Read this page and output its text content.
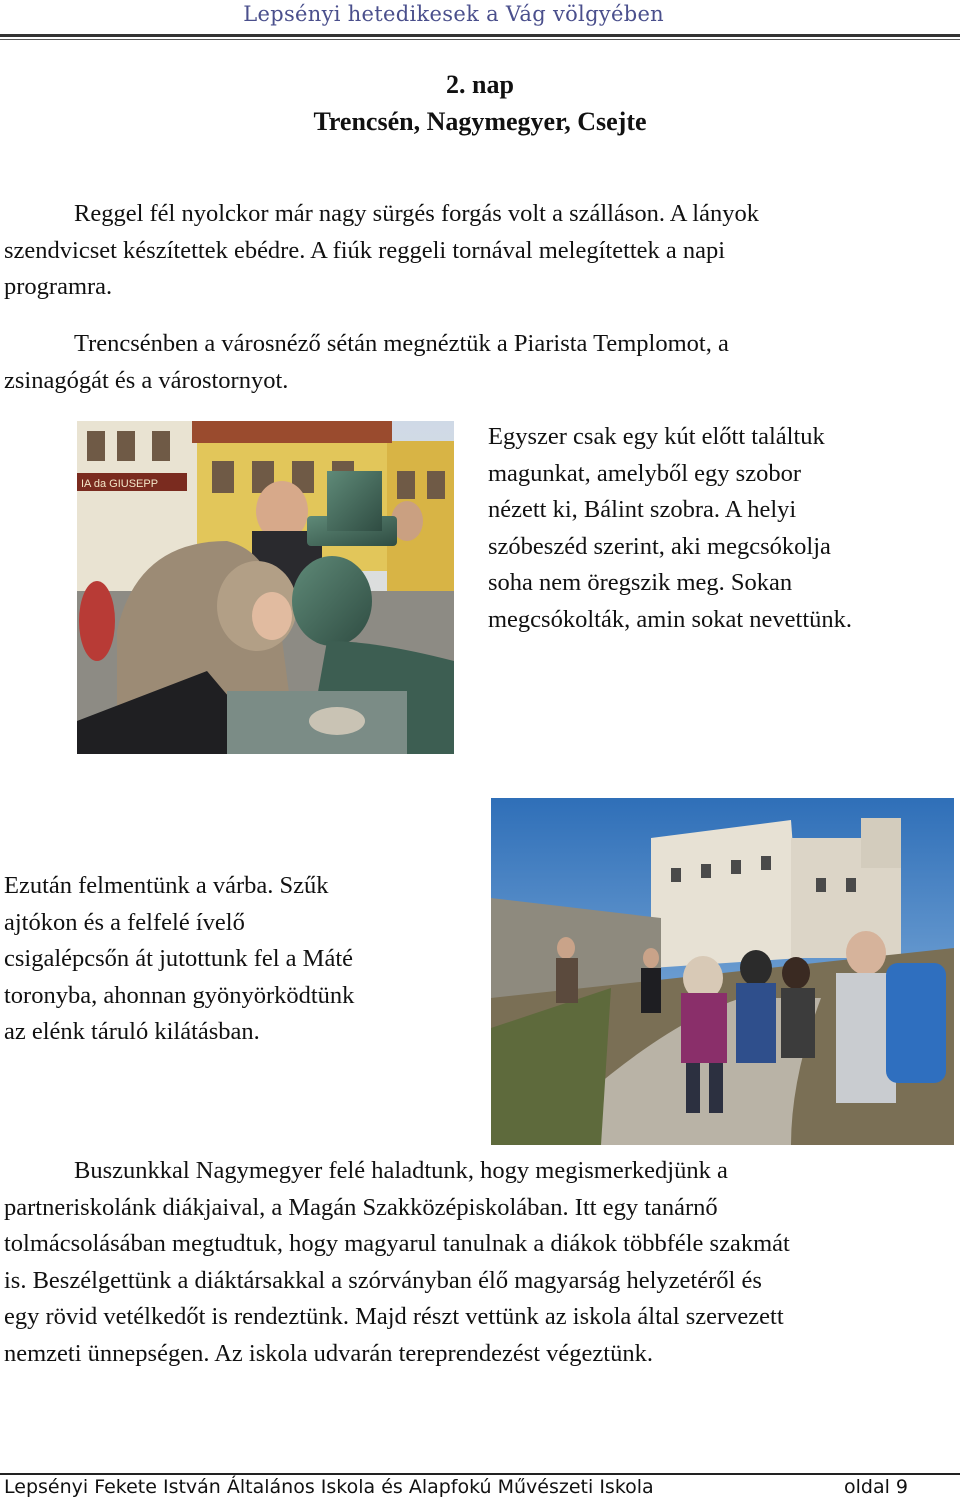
Lepsényi hetedikesek a Vág völgyében
2. nap
Trencsén, Nagymegyer, Csejte
Reggel fél nyolckor már nagy sürgés forgás volt a szálláson. A lányok
szendvicset készítettek ebédre. A fiúk reggeli tornával melegítettek a napi
programra.
Trencsénben a városnéző sétán megnéztük a Piarista Templomot, a
zsinagógát és a várostornyot.
IA da GIUSEPP
Egyszer csak egy kút előtt találtuk
magunkat, amelyből egy szobor
nézett ki, Bálint szobra. A helyi
szóbeszéd szerint, aki megcsókolja
soha nem öregszik meg. Sokan
megcsókolták, amin sokat nevettünk.
Ezután felmentünk a várba. Szűk
ajtókon és a felfelé ívelő
csigalépcsőn át jutottunk fel a Máté
toronyba, ahonnan gyönyörködtünk
az elénk táruló kilátásban.
Buszunkkal Nagymegyer felé haladtunk, hogy megismerkedjünk a
partneriskolánk diákjaival, a Magán Szakközépiskolában. Itt egy tanárnő
tolmácsolásában megtudtuk, hogy magyarul tanulnak a diákok többféle szakmát
is. Beszélgettünk a diáktársakkal a szórványban élő magyarság helyzetéről és
egy rövid vetélkedőt is rendeztünk. Majd részt vettünk az iskola által szervezett
nemzeti ünnepségen. Az iskola udvarán tereprendezést végeztünk.
Lepsényi Fekete István Általános Iskola és Alapfokú Művészeti Iskola	oldal 9
